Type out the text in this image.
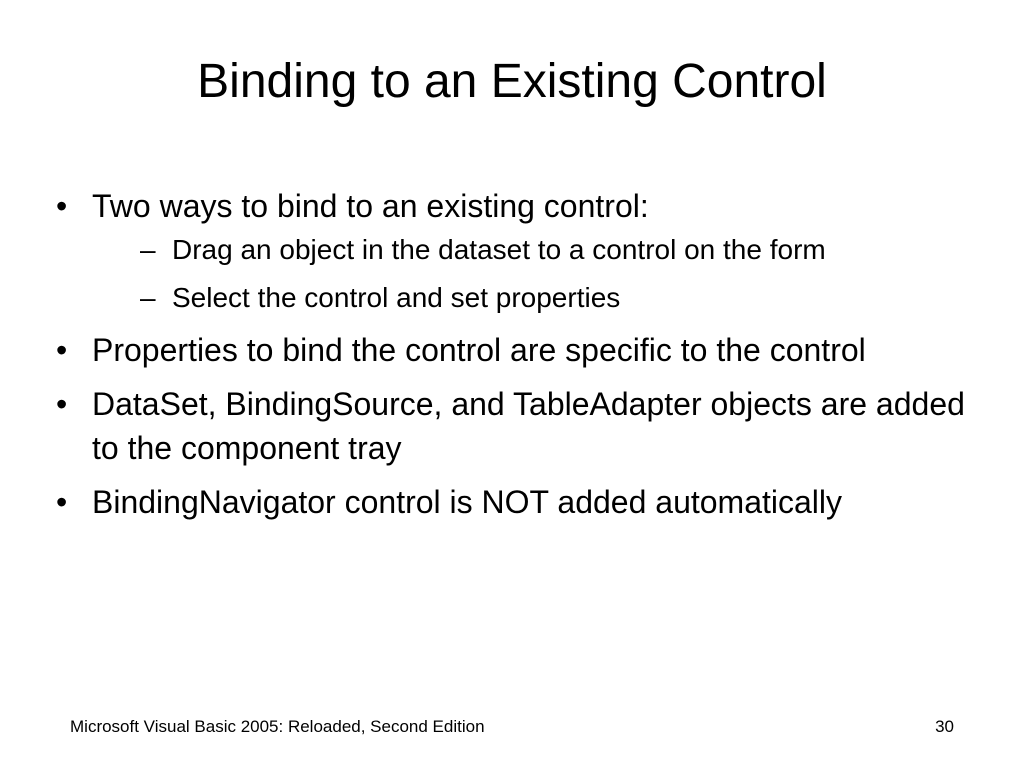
Binding to an Existing Control
• Two ways to bind to an existing control:
– Drag an object in the dataset to a control on the form
– Select the control and set properties
• Properties to bind the control are specific to the control
• DataSet, BindingSource, and TableAdapter objects are added to the component tray
• BindingNavigator control is NOT added automatically
Microsoft Visual Basic 2005: Reloaded, Second Edition	30
